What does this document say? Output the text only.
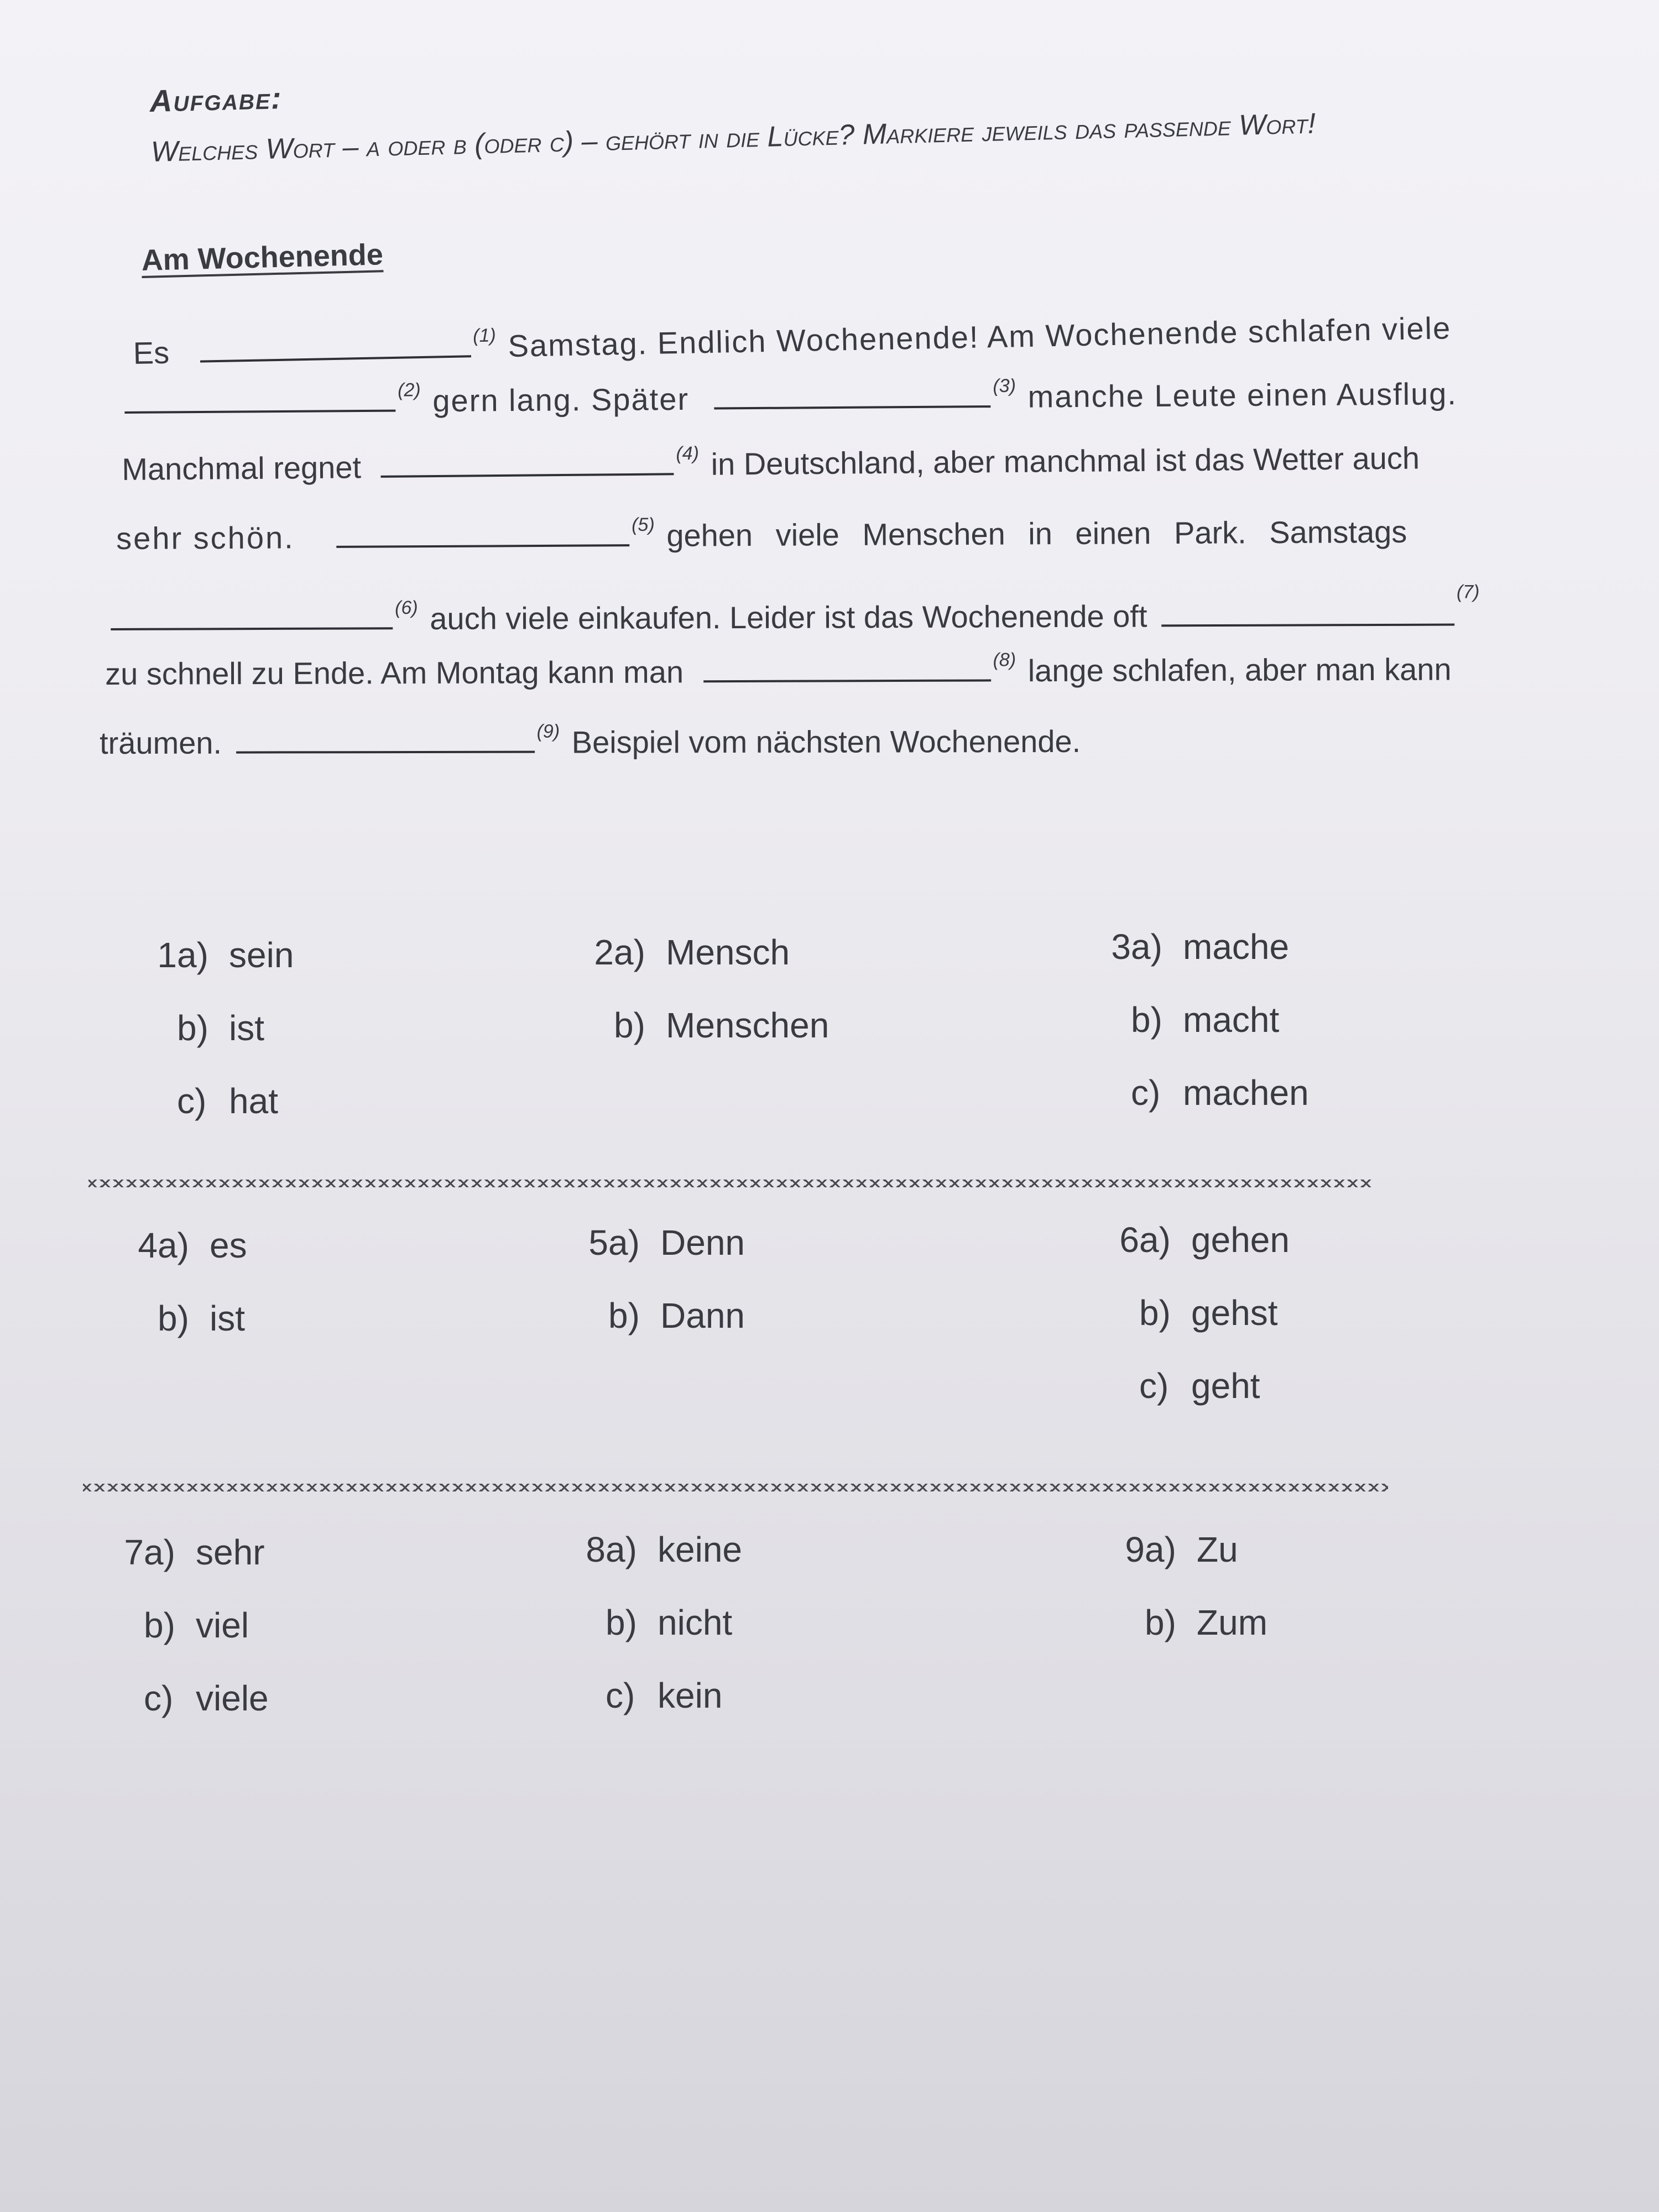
Aufgabe:
Welches Wort – a oder b (oder c) – gehört in die Lücke? Markiere jeweils das passende Wort!
Am Wochenende
Es	$^{(1)}$ Samstag. Endlich Wochenende! Am Wochenende schlafen viele
$^{(2)}$ gern lang. Später	$^{(3)}$ manche Leute einen Ausflug.
Manchmal regnet	$^{(4)}$ in Deutschland, aber manchmal ist das Wetter auch
sehr schön.	$^{(5)}$ gehen viele Menschen in einen Park. Samstags
$^{(6)}$ auch viele einkaufen. Leider ist das Wochenende oft $^{(7)}$
zu schnell zu Ende. Am Montag kann man	$^{(8)}$ lange schlafen, aber man kann
träumen.	$^{(9)}$ Beispiel vom nächsten Wochenende.
1a) sein
b) ist
c) hat
2a) Mensch
b) Menschen
3a) mache
b) macht
c) machen
4a) es
b) ist
5a) Denn
b) Dann
6a) gehen
b) gehst
c) geht
7a) sehr
b) viel
c) viele
8a) keine
b) nicht
c) kein
9a) Zu
b) Zum
